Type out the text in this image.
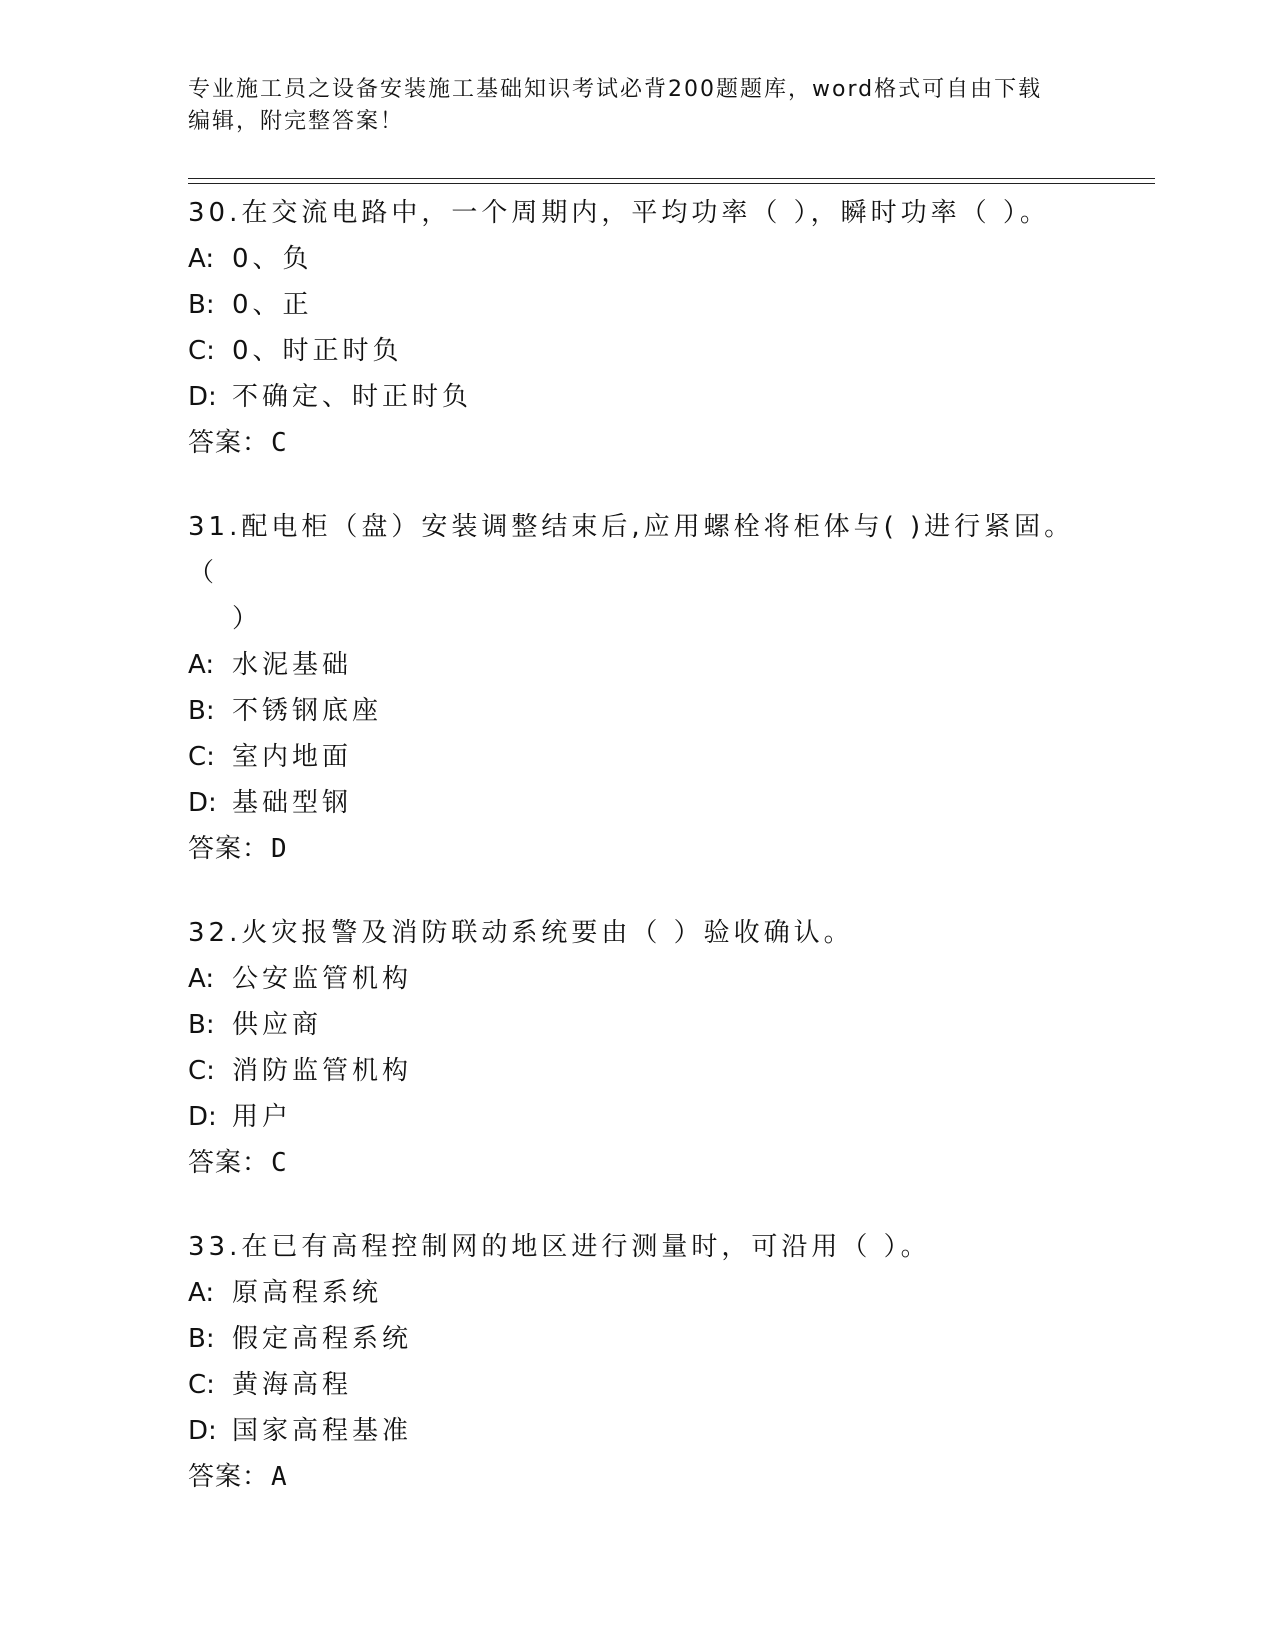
专业施工员之设备安装施工基础知识考试必背200题题库，word格式可自由下载
编辑，附完整答案！
30.在交流电路中，一个周期内，平均功率（ ），瞬时功率（ ）。
A: 0、负
B: 0、正
C: 0、时正时负
D: 不确定、时正时负
答案：C
31.配电柜（盘）安装调整结束后,应用螺栓将柜体与( )进行紧固。（
）
A: 水泥基础
B: 不锈钢底座
C: 室内地面
D: 基础型钢
答案：D
32.火灾报警及消防联动系统要由（ ）验收确认。
A: 公安监管机构
B: 供应商
C: 消防监管机构
D: 用户
答案：C
33.在已有高程控制网的地区进行测量时，可沿用（ ）。
A: 原高程系统
B: 假定高程系统
C: 黄海高程
D: 国家高程基准
答案：A
